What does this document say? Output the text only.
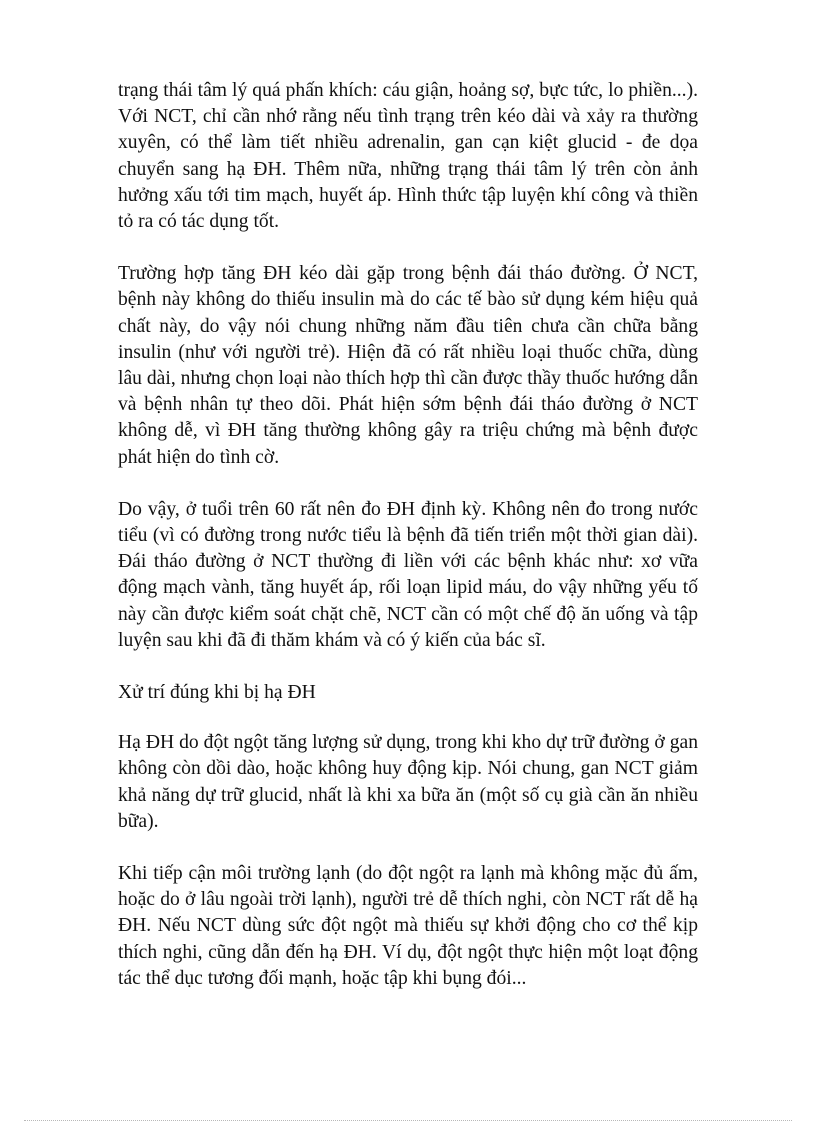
trạng thái tâm lý quá phấn khích: cáu giận, hoảng sợ, bực tức, lo phiền...). Với NCT, chỉ cần nhớ rằng nếu tình trạng trên kéo dài và xảy ra thường xuyên, có thể làm tiết nhiều adrenalin, gan cạn kiệt glucid - đe dọa chuyển sang hạ ĐH. Thêm nữa, những trạng thái tâm lý trên còn ảnh hưởng xấu tới tim mạch, huyết áp. Hình thức tập luyện khí công và thiền tỏ ra có tác dụng tốt.

Trường hợp tăng ĐH kéo dài gặp trong bệnh đái tháo đường. Ở NCT, bệnh này không do thiếu insulin mà do các tế bào sử dụng kém hiệu quả chất này, do vậy nói chung những năm đầu tiên chưa cần chữa bằng insulin (như với người trẻ). Hiện đã có rất nhiều loại thuốc chữa, dùng lâu dài, nhưng chọn loại nào thích hợp thì cần được thầy thuốc hướng dẫn và bệnh nhân tự theo dõi. Phát hiện sớm bệnh đái tháo đường ở NCT không dễ, vì ĐH tăng thường không gây ra triệu chứng mà bệnh được phát hiện do tình cờ.

Do vậy, ở tuổi trên 60 rất nên đo ĐH định kỳ. Không nên đo trong nước tiểu (vì có đường trong nước tiểu là bệnh đã tiến triển một thời gian dài). Đái tháo đường ở NCT thường đi liền với các bệnh khác như: xơ vữa động mạch vành, tăng huyết áp, rối loạn lipid máu, do vậy những yếu tố này cần được kiểm soát chặt chẽ, NCT cần có một chế độ ăn uống và tập luyện sau khi đã đi thăm khám và có ý kiến của bác sĩ.

Xử trí đúng khi bị hạ ĐH

Hạ ĐH do đột ngột tăng lượng sử dụng, trong khi kho dự trữ đường ở gan không còn dồi dào, hoặc không huy động kịp. Nói chung, gan NCT giảm khả năng dự trữ glucid, nhất là khi xa bữa ăn (một số cụ già cần ăn nhiều bữa).

Khi tiếp cận môi trường lạnh (do đột ngột ra lạnh mà không mặc đủ ấm, hoặc do ở lâu ngoài trời lạnh), người trẻ dễ thích nghi, còn NCT rất dễ hạ ĐH. Nếu NCT dùng sức đột ngột mà thiếu sự khởi động cho cơ thể kịp thích nghi, cũng dẫn đến hạ ĐH. Ví dụ, đột ngột thực hiện một loạt động tác thể dục tương đối mạnh, hoặc tập khi bụng đói...
